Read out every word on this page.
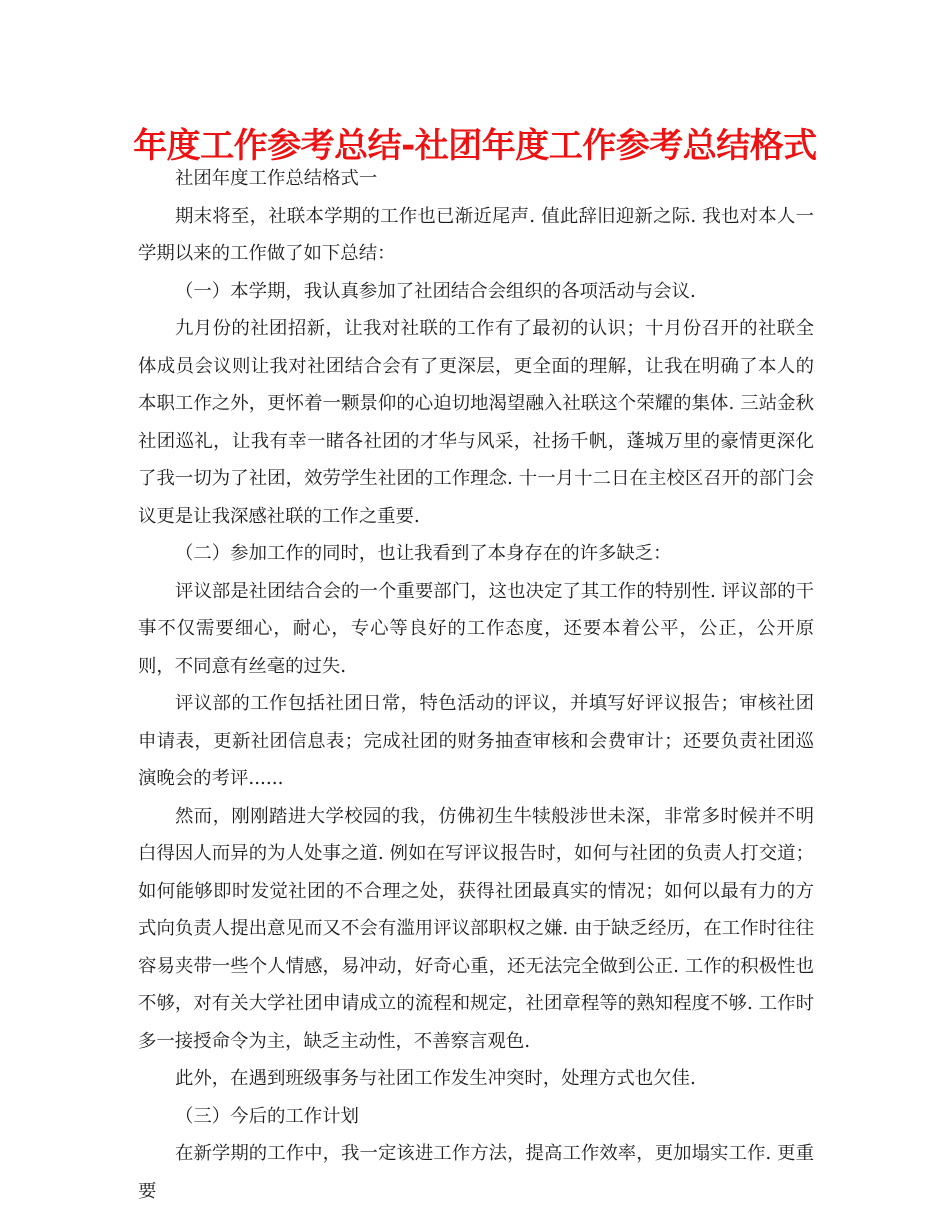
年度工作参考总结-社团年度工作参考总结格式

社团年度工作总结格式一

期末将至，社联本学期的工作也已渐近尾声. 值此辞旧迎新之际. 我也对本人一学期以来的工作做了如下总结：

（一）本学期，我认真参加了社团结合会组织的各项活动与会议.

九月份的社团招新，让我对社联的工作有了最初的认识；十月份召开的社联全体成员会议则让我对社团结合会有了更深层，更全面的理解，让我在明确了本人的本职工作之外，更怀着一颗景仰的心迫切地渴望融入社联这个荣耀的集体. 三站金秋社团巡礼，让我有幸一睹各社团的才华与风采，社扬千帆，蓬城万里的豪情更深化了我一切为了社团，效劳学生社团的工作理念. 十一月十二日在主校区召开的部门会议更是让我深感社联的工作之重要.

（二）参加工作的同时，也让我看到了本身存在的许多缺乏：

评议部是社团结合会的一个重要部门，这也决定了其工作的特别性. 评议部的干事不仅需要细心，耐心，专心等良好的工作态度，还要本着公平，公正，公开原则，不同意有丝毫的过失.

评议部的工作包括社团日常，特色活动的评议，并填写好评议报告；审核社团申请表，更新社团信息表；完成社团的财务抽查审核和会费审计；还要负责社团巡演晚会的考评......

然而，刚刚踏进大学校园的我，仿佛初生牛犊般涉世未深，非常多时候并不明白得因人而异的为人处事之道. 例如在写评议报告时，如何与社团的负责人打交道；如何能够即时发觉社团的不合理之处，获得社团最真实的情况；如何以最有力的方式向负责人提出意见而又不会有滥用评议部职权之嫌. 由于缺乏经历，在工作时往往容易夹带一些个人情感，易冲动，好奇心重，还无法完全做到公正. 工作的积极性也不够，对有关大学社团申请成立的流程和规定，社团章程等的熟知程度不够. 工作时多一接授命令为主，缺乏主动性，不善察言观色.

此外，在遇到班级事务与社团工作发生冲突时，处理方式也欠佳.

（三）今后的工作计划

在新学期的工作中，我一定该进工作方法，提高工作效率，更加塌实工作. 更重要
